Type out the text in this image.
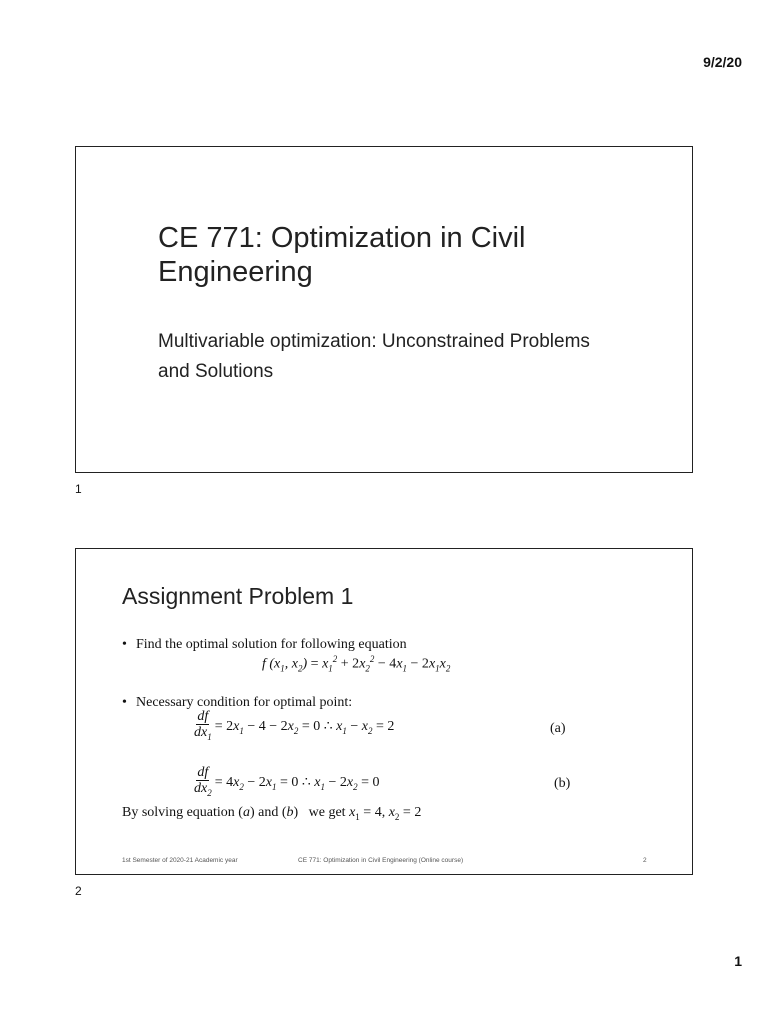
9/2/20
CE 771: Optimization in Civil Engineering
Multivariable optimization: Unconstrained Problems and Solutions
1
Assignment Problem 1
• Find the optimal solution for following equation
f ($x_1$, $x_2) = x_1^2 + 2x_2^2 - 4x_1 - 2x_1x_2$
• Necessary condition for optimal point:
$\frac{df}{dx_1} = 2x_1 - 4 - 2x_2 = 0$ ∴ $x_1 - x_2 = 2$	(a)
$\frac{df}{dx_2} = 4x_2 - 2x_1 = 0$ ∴ $x_1 - 2x_2 = 0$	(b)
By solving equation (a) and (b)   we get $x_1 = 4$, $x_2 = 2$
1st Semester of 2020-21 Academic year	CE 771: Optimization in Civil Engineering (Online course)	2
2
1
